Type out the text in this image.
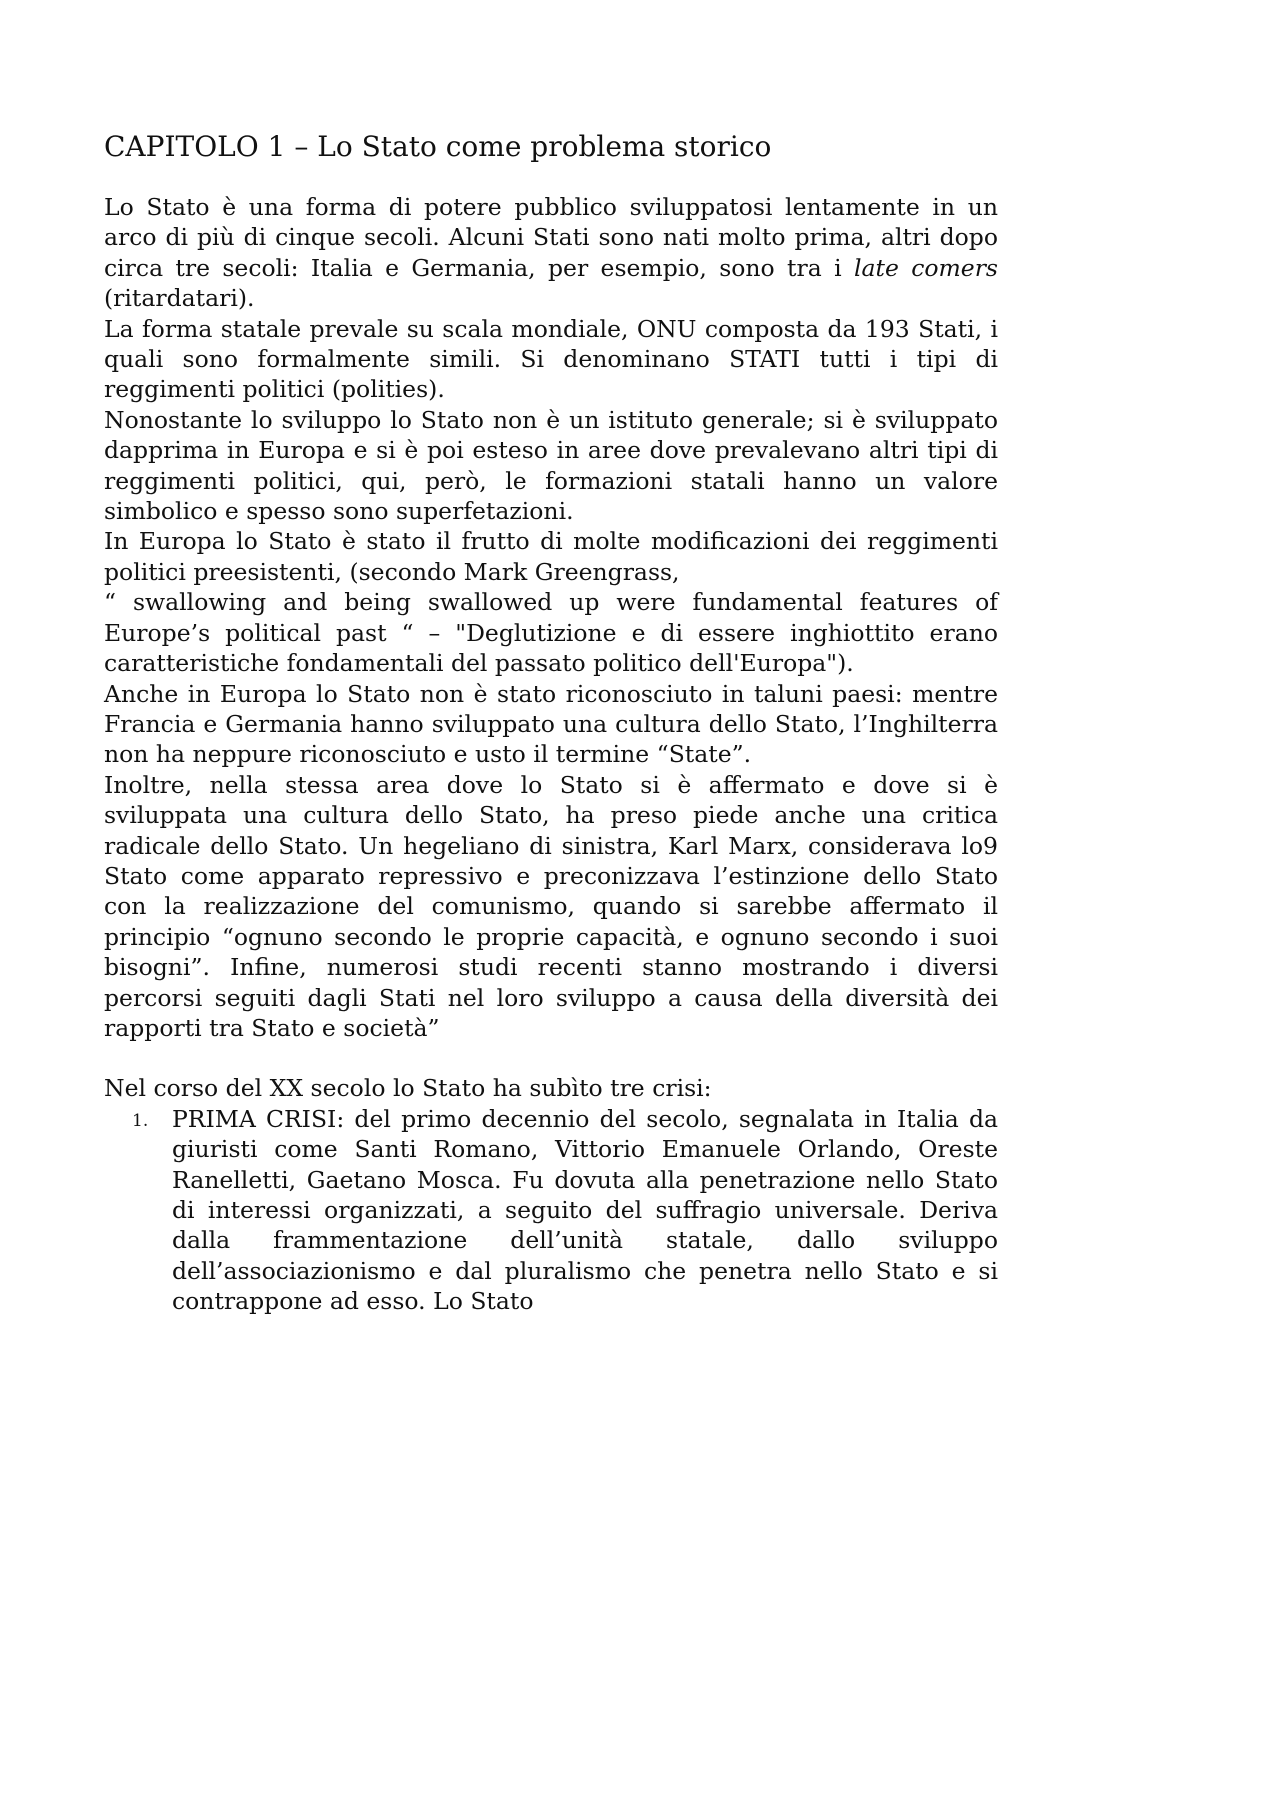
CAPITOLO 1 – Lo Stato come problema storico

Lo Stato è una forma di potere pubblico sviluppatosi lentamente in un arco di più di cinque secoli. Alcuni Stati sono nati molto prima, altri dopo circa tre secoli: Italia e Germania, per esempio, sono tra i late comers (ritardatari).

La forma statale prevale su scala mondiale, ONU composta da 193 Stati, i quali sono formalmente simili. Si denominano STATI tutti i tipi di reggimenti politici (polities).

Nonostante lo sviluppo lo Stato non è un istituto generale; si è sviluppato dapprima in Europa e si è poi esteso in aree dove prevalevano altri tipi di reggimenti politici, qui, però, le formazioni statali hanno un valore simbolico e spesso sono superfetazioni.

In Europa lo Stato è stato il frutto di molte modificazioni dei reggimenti politici preesistenti, (secondo Mark Greengrass,

“ swallowing and being swallowed up were fundamental features of Europe’s political past “ – "Deglutizione e di essere inghiottito erano caratteristiche fondamentali del passato politico dell'Europa").

Anche in Europa lo Stato non è stato riconosciuto in taluni paesi: mentre Francia e Germania hanno sviluppato una cultura dello Stato, l’Inghilterra non ha neppure riconosciuto e usto il termine “State”.

Inoltre, nella stessa area dove lo Stato si è affermato e dove si è sviluppata una cultura dello Stato, ha preso piede anche una critica radicale dello Stato. Un hegeliano di sinistra, Karl Marx, considerava lo9 Stato come apparato repressivo e preconizzava l’estinzione dello Stato con la realizzazione del comunismo, quando si sarebbe affermato il principio “ognuno secondo le proprie capacità, e ognuno secondo i suoi bisogni”. Infine, numerosi studi recenti stanno mostrando i diversi percorsi seguiti dagli Stati nel loro sviluppo a causa della diversità dei rapporti tra Stato e società”

Nel corso del XX secolo lo Stato ha subìto tre crisi:

1. PRIMA CRISI: del primo decennio del secolo, segnalata in Italia da giuristi come Santi Romano, Vittorio Emanuele Orlando, Oreste Ranelletti, Gaetano Mosca. Fu dovuta alla penetrazione nello Stato di interessi organizzati, a seguito del suffragio universale. Deriva dalla frammentazione dell’unità statale, dallo sviluppo dell’associazionismo e dal pluralismo che penetra nello Stato e si contrappone ad esso. Lo Stato
